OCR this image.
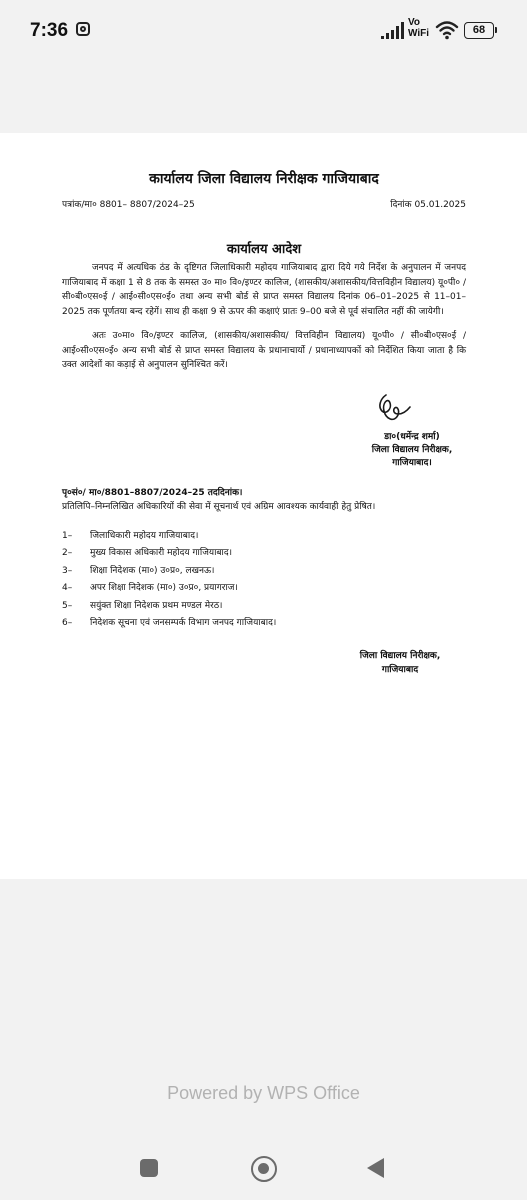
7:36	Vo
WiFi	68
कार्यालय जिला विद्यालय निरीक्षक गाजियाबाद
पत्रांक/मा० 8801– 8807/2024–25	दिनांक 05.01.2025
कार्यालय आदेश
जनपद में अत्यधिक ठंड के दृष्टिगत जिलाधिकारी महोदय गाजियाबाद द्वारा दिये गये निर्देश के अनुपालन में जनपद गाजियाबाद में कक्षा 1 से 8 तक के समस्त उ० मा० वि०/इण्टर कालिज, (शासकीय/अशासकीय/वित्तविहीन विद्यालय) यू०पी० / सी०बी०एस०ई / आई०सी०एस०ई० तथा अन्य सभी बोर्ड से प्राप्त समस्त विद्यालय दिनांक 06–01–2025 से 11–01–2025 तक पूर्णतया बन्द रहेगें। साथ ही कक्षा 9 से ऊपर की कक्षाएं प्रातः 9–00 बजे से पूर्व संचालित नहीं की जायेगी।
अतः उ०मा० वि०/इण्टर कालिज, (शासकीय/अशासकीय/ वित्तविहीन विद्यालय) यू०पी० / सी०बी०एस०ई / आई०सी०एस०ई० अन्य सभी बोर्ड से प्राप्त समस्त विद्यालय के प्रधानाचार्यो / प्रधानाध्यापकों को निर्देशित किया जाता है कि उक्त आदेशों का कड़ाई से अनुपालन सुनिश्चित करें।
डा०(धर्मेन्द्र शर्मा)
जिला विद्यालय निरीक्षक,
गाजियाबाद।
पृ०सं०/ मा०/8801–8807/2024–25 तददिनांक।
प्रतिलिपि–निम्नलिखित अधिकारियों की सेवा में सूचनार्थ एवं अग्रिम आवश्यक कार्यवाही हेतु प्रेषित।
1– जिलाधिकारी महोदय गाजियाबाद।
2– मुख्य विकास अधिकारी महोदय गाजियाबाद।
3– शिक्षा निदेशक (मा०) उ०प्र०, लखनऊ।
4– अपर शिक्षा निदेशक (मा०) उ०प्र०, प्रयागराज।
5– सयुंक्त शिक्षा निदेशक प्रथम मण्डल मेरठ।
6– निदेशक सूचना एवं जनसम्पर्क विभाग जनपद गाजियाबाद।
जिला विद्यालय निरीक्षक,
गाजियाबाद
Powered by WPS Office
